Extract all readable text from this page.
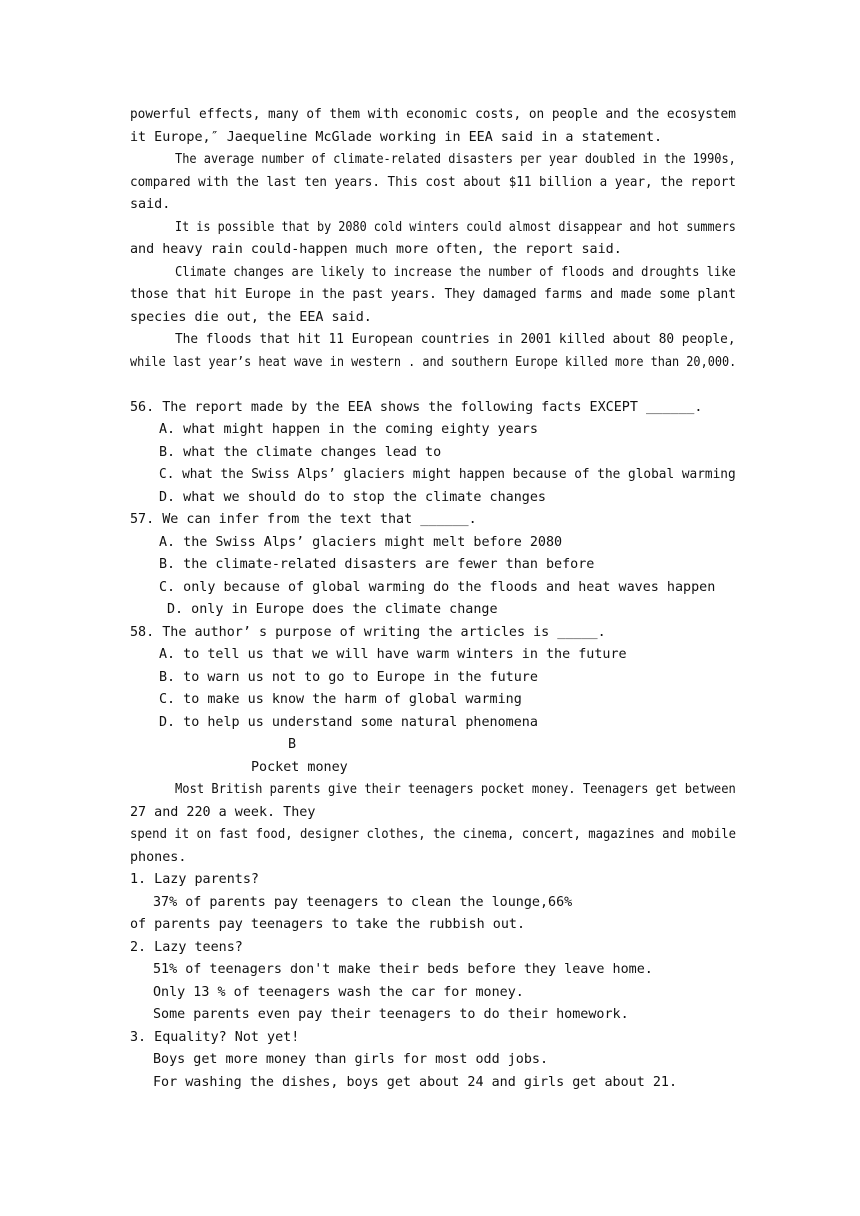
powerful effects, many of them with economic costs, on people and the ecosystem
it Europe,″ Jaequeline McGlade working in EEA said in a statement.
The average number of climate-related disasters per year doubled in the 1990s,
compared with the last ten years. This cost about $11 billion a year, the report
said.
It is possible that by 2080 cold winters could almost disappear and hot summers
and heavy rain could-happen much more often, the report said.
Climate changes are likely to increase the number of floods and droughts like
those that hit Europe in the past years. They damaged farms and made some plant
species die out, the EEA said.
The floods that hit 11 European countries in 2001 killed about 80 people,
while last year’s heat wave in western . and southern Europe killed more than 20,000.
56. The report made by the EEA shows the following facts EXCEPT ______.
A. what might happen in the coming eighty years
B. what the climate changes lead to
C. what the Swiss Alps’ glaciers might happen because of the global warming
D. what we should do to stop the climate changes
57. We can infer from the text that ______.
A. the Swiss Alps’ glaciers might melt before 2080
B. the climate-related disasters are fewer than before
C. only because of global warming do the floods and heat waves happen
D. only in Europe does the climate change
58. The author’ s purpose of writing the articles is _____.
A. to tell us that we will have warm winters in the future
B. to warn us not to go to Europe in the future
C. to make us know the harm of global warming
D. to help us understand some natural phenomena
B
Pocket money
Most British parents give their teenagers pocket money. Teenagers get between
27 and 220 a week. They
spend it on fast food, designer clothes, the cinema, concert, magazines and mobile
phones.
1. Lazy parents?
37% of parents pay teenagers to clean the lounge,66%
of parents pay teenagers to take the rubbish out.
2. Lazy teens?
51% of teenagers don't make their beds before they leave home.
Only 13 % of teenagers wash the car for money.
Some parents even pay their teenagers to do their homework.
3. Equality? Not yet!
Boys get more money than girls for most odd jobs.
For washing the dishes, boys get about 24 and girls get about 21.
